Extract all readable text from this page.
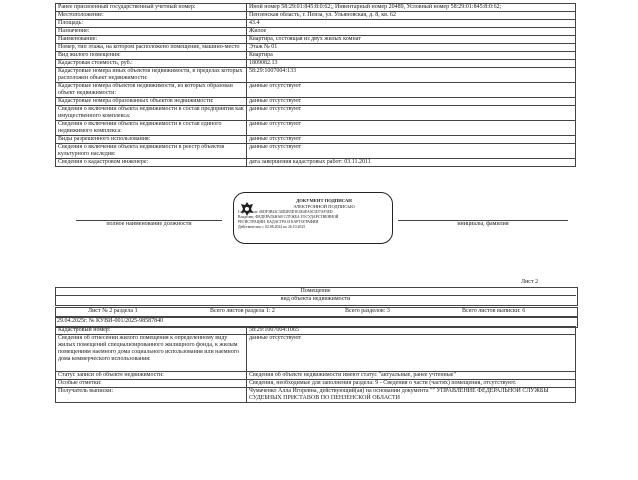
Ранее присвоенный государственный учетный номер:	Иной номер 58:29:01:845:8:0:62;, Инвентарный номер 20489, Условный номер 58:29:01:845:8:0:62;
Местоположение:	Пензенская область, г. Пенза, ул. Ульяновская, д. 8, кв. 62
Площадь:	43.4
Назначение:	Жилое
Наименование:	Квартира, состоящая из двух жилых комнат
Номер, тип этажа, на котором расположено помещение, машино-место	Этаж № 01
Вид жилого помещения:	Квартира
Кадастровая стоимость, руб.:	1809082.13
Кадастровые номера иных объектов недвижимости, в пределах которых расположен объект недвижимости:	58:29:1007004:133
Кадастровые номера объектов недвижимости, из которых образован объект недвижимости:	данные отсутствуют
Кадастровые номера образованных объектов недвижимости:	данные отсутствуют
Сведения о включении объекта недвижимости в состав предприятия как имущественного комплекса:	данные отсутствуют
Сведения о включении объекта недвижимости в состав единого недвижимого комплекса:	данные отсутствуют
Виды разрешенного использования:	данные отсутствуют
Сведения о включении объекта недвижимости в реестр объектов культурного наследия:	данные отсутствуют
Сведения о кадастровом инженере:	дата завершения кадастровых работ: 03.11.2011
полное наименование должности	инициалы, фамилия
ДОКУМЕНТ ПОДПИСАН
ЭЛЕКТРОННОЙ ПОДПИСЬЮ
Сертификат: 00DF3B43C34D2B5D1E4E4EA0C5D7AF3ED
Владелец: ФЕДЕРАЛЬНАЯ СЛУЖБА ГОСУДАРСТВЕННОЙ
РЕГИСТРАЦИИ, КАДАСТРА И КАРТОГРАФИИ
Действителен: с 02.08.2024 по 26.10.2025
Лист 2
Помещение
вид объекта недвижимости
Лист № 2 раздела 1	Всего листов раздела 1: 2	Всего разделов: 3	Всего листов выписки: 6
29.04.2025г. № КУВИ-001/2025-98587840
Кадастровый номер:	58:29:1007004:1065
Сведения об отнесении жилого помещения к определенному виду жилых помещений специализированного жилищного фонда, к жилым помещениям наемного дома социального использования или наемного дома коммерческого использования:	данные отсутствуют
Статус записи об объекте недвижимости:	Сведения об объекте недвижимости имеют статус "актуальные, ранее учтенные"
Особые отметки:	Сведения, необходимые для заполнения раздела: 9 - Сведения о части (частях) помещения, отсутствуют.
Получатель выписки:	Чумаченко Алла Игоревна, действующий(ая) на основании документа "" УПРАВЛЕНИЕ ФЕДЕРАЛЬНОЙ СЛУЖБЫ СУДЕБНЫХ ПРИСТАВОВ ПО ПЕНЗЕНСКОЙ ОБЛАСТИ
